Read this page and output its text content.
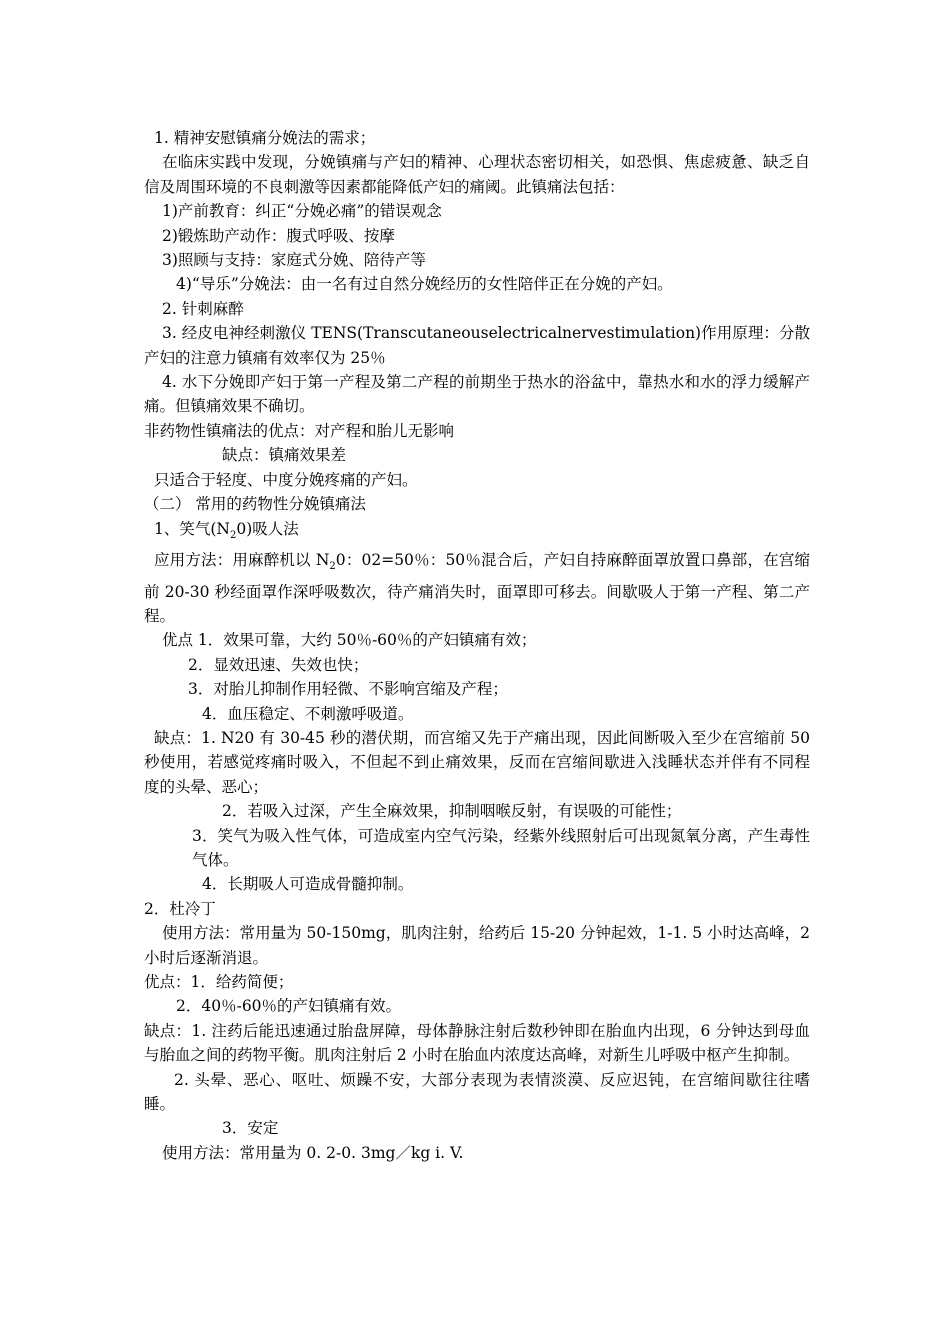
1. 精神安慰镇痛分娩法的需求；

在临床实践中发现，分娩镇痛与产妇的精神、心理状态密切相关，如恐惧、焦虑疲惫、缺乏自信及周围环境的不良刺激等因素都能降低产妇的痛阈。此镇痛法包括：

1)产前教育：纠正“分娩必痛”的错误观念

2)锻炼助产动作：腹式呼吸、按摩

3)照顾与支持：家庭式分娩、陪待产等

4)“导乐”分娩法：由一名有过自然分娩经历的女性陪伴正在分娩的产妇。

2. 针刺麻醉

3. 经皮电神经刺激仪 TENS(Transcutaneouselectricalnervestimulation)作用原理：分散产妇的注意力镇痛有效率仅为 25％

4. 水下分娩即产妇于第一产程及第二产程的前期坐于热水的浴盆中，靠热水和水的浮力缓解产痛。但镇痛效果不确切。

非药物性镇痛法的优点：对产程和胎儿无影响

缺点：镇痛效果差

只适合于轻度、中度分娩疼痛的产妇。

（二） 常用的药物性分娩镇痛法

1、笑气$(N_20)$吸人法

应用方法：用麻醉机以 $N_20$：02=50％：50％混合后，产妇自持麻醉面罩放置口鼻部，在宫缩前 20-30 秒经面罩作深呼吸数次，待产痛消失时，面罩即可移去。间歇吸人于第一产程、第二产程。

优点 1．效果可靠，大约 50％-60％的产妇镇痛有效；

2．显效迅速、失效也快；

3．对胎儿抑制作用轻微、不影响宫缩及产程；

4．血压稳定、不刺激呼吸道。

缺点：1. N20 有 30-45 秒的潜伏期，而宫缩又先于产痛出现，因此间断吸入至少在宫缩前 50 秒使用，若感觉疼痛时吸入，不但起不到止痛效果，反而在宫缩间歇进入浅睡状态并伴有不同程度的头晕、恶心；

2．若吸入过深，产生全麻效果，抑制咽喉反射，有误吸的可能性；

3．笑气为吸入性气体，可造成室内空气污染，经紫外线照射后可出现氮氧分离，产生毒性气体。

4．长期吸人可造成骨髓抑制。

2．杜冷丁

使用方法：常用量为 50-150mg，肌肉注射，给药后 15-20 分钟起效，1-1. 5 小时达高峰，2 小时后逐渐消退。

优点：1．给药简便；

2．40％-60％的产妇镇痛有效。

缺点：1. 注药后能迅速通过胎盘屏障，母体静脉注射后数秒钟即在胎血内出现，6 分钟达到母血与胎血之间的药物平衡。肌肉注射后 2 小时在胎血内浓度达高峰，对新生儿呼吸中枢产生抑制。

2. 头晕、恶心、呕吐、烦躁不安，大部分表现为表情淡漠、反应迟钝，在宫缩间歇往往嗜睡。

3．安定

使用方法：常用量为 0. 2-0. 3mg／kg i. V.
